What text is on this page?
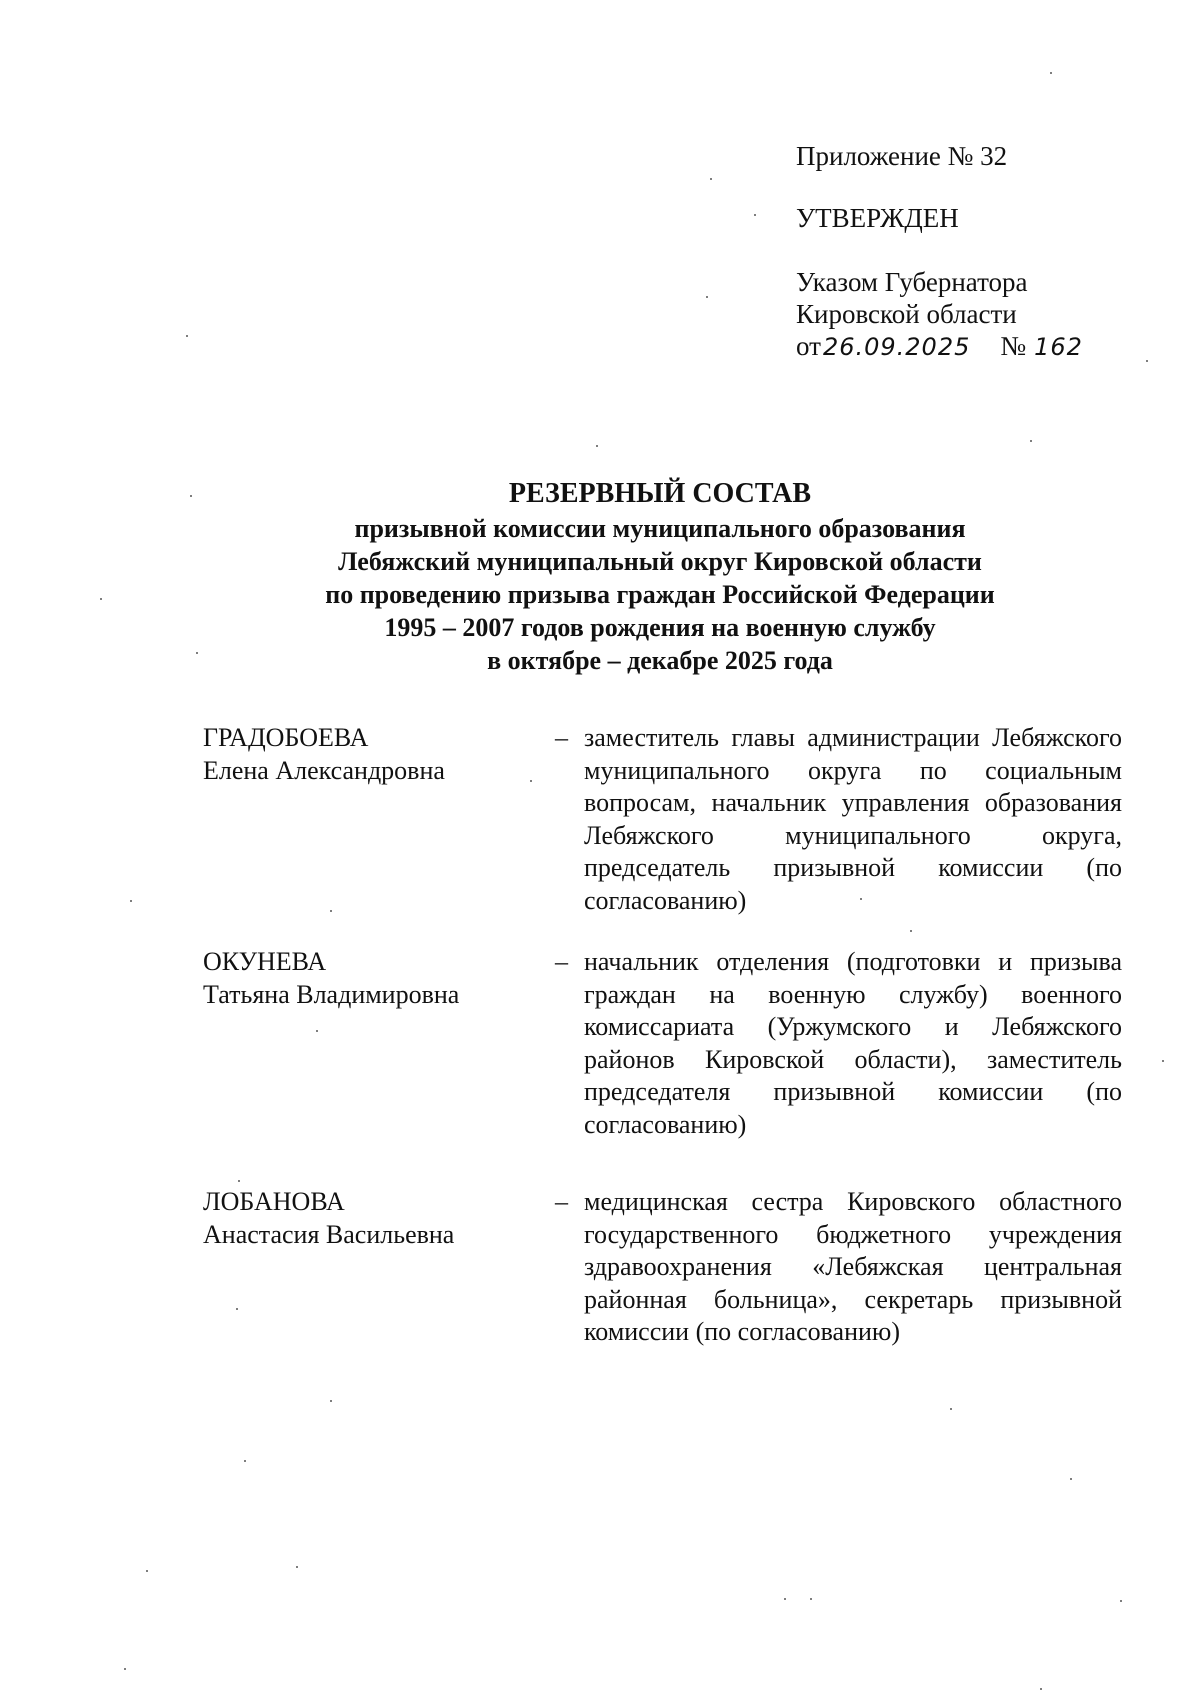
Приложение № 32
УТВЕРЖДЕН
Указом Губернатора
Кировской области
от26.09.2025 № 162
РЕЗЕРВНЫЙ СОСТАВ
призывной комиссии муниципального образования
Лебяжский муниципальный округ Кировской области
по проведению призыва граждан Российской Федерации
1995 – 2007 годов рождения на военную службу
в октябре – декабре 2025 года
ГРАДОБОЕВА
Елена Александровна
– заместитель главы администрации Лебяжского муниципального округа по социальным вопросам, начальник управления образования Лебяжского муниципального округа, председатель призывной комиссии (по согласованию)
ОКУНЕВА
Татьяна Владимировна
– начальник отделения (подготовки и призыва граждан на военную службу) военного комиссариата (Уржумского и Лебяжского районов Кировской области), заместитель председателя призывной комиссии (по согласованию)
ЛОБАНОВА
Анастасия Васильевна
– медицинская сестра Кировского областного государственного бюджетного учреждения здравоохранения «Лебяжская центральная районная больница», секретарь призывной комиссии (по согласованию)
